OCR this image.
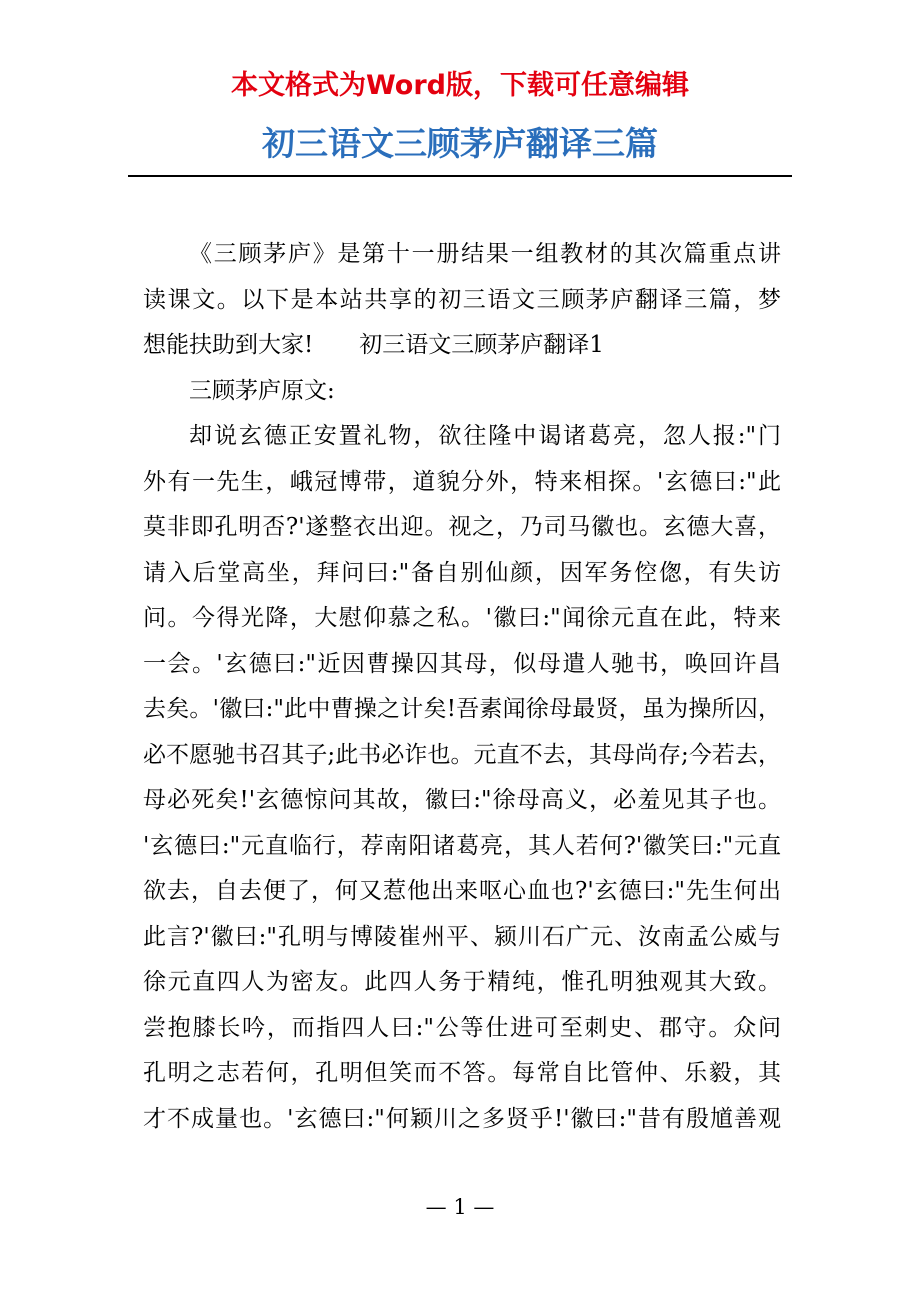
本文格式为Word版，下载可任意编辑
初三语文三顾茅庐翻译三篇
《三顾茅庐》是第十一册结果一组教材的其次篇重点讲
读课文。以下是本站共享的初三语文三顾茅庐翻译三篇，梦
想能扶助到大家!　　初三语文三顾茅庐翻译1
三顾茅庐原文:
却说玄德正安置礼物，欲往隆中谒诸葛亮，忽人报:"门
外有一先生，峨冠博带，道貌分外，特来相探。'玄德曰:"此
莫非即孔明否?'遂整衣出迎。视之，乃司马徽也。玄德大喜，
请入后堂高坐，拜问曰:"备自别仙颜，因军务倥偬，有失访
问。今得光降，大慰仰慕之私。'徽曰:"闻徐元直在此，特来
一会。'玄德曰:"近因曹操囚其母，似母遣人驰书，唤回许昌
去矣。'徽曰:"此中曹操之计矣!吾素闻徐母最贤，虽为操所囚，
必不愿驰书召其子;此书必诈也。元直不去，其母尚存;今若去，
母必死矣!'玄德惊问其故，徽曰:"徐母高义，必羞见其子也。
'玄德曰:"元直临行，荐南阳诸葛亮，其人若何?'徽笑曰:"元直
欲去，自去便了，何又惹他出来呕心血也?'玄德曰:"先生何出
此言?'徽曰:"孔明与博陵崔州平、颍川石广元、汝南孟公威与
徐元直四人为密友。此四人务于精纯，惟孔明独观其大致。
尝抱膝长吟，而指四人曰:"公等仕进可至刺史、郡守。众问
孔明之志若何，孔明但笑而不答。每常自比管仲、乐毅，其
才不成量也。'玄德曰:"何颖川之多贤乎!'徽曰:"昔有殷馗善观
— 1 —
